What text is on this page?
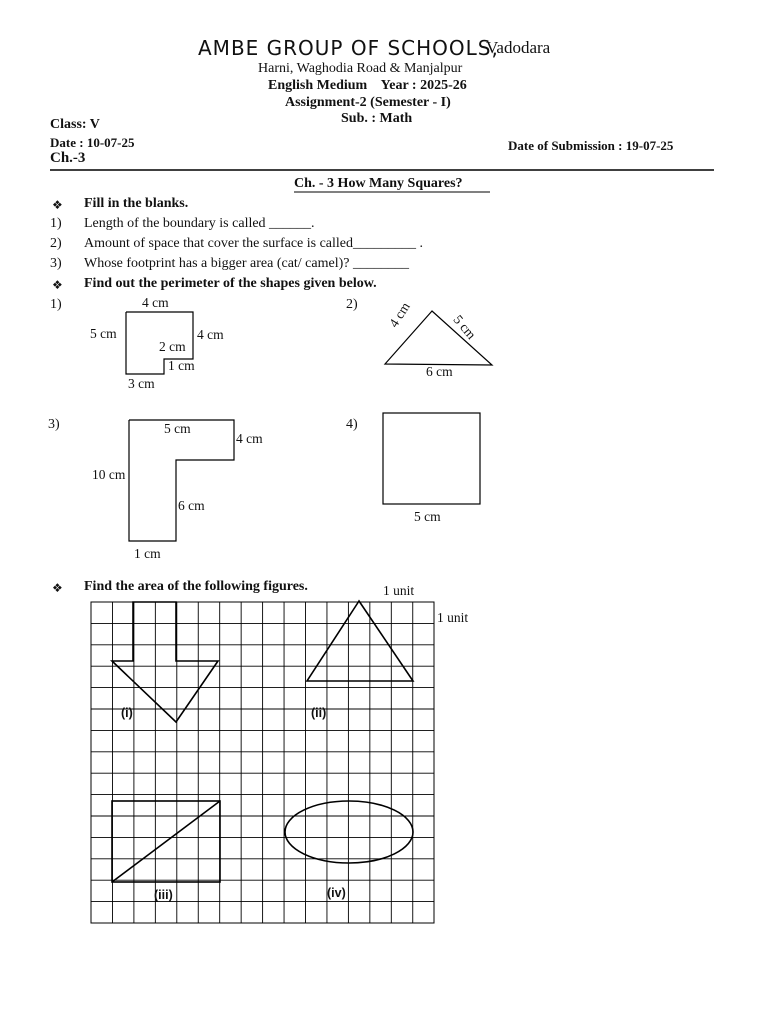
AMBE GROUP OF SCHOOLS,
Vadodara
Harni, Waghodia Road & Manjalpur
English Medium    Year : 2025-26
Assignment-2 (Semester - I)
Sub. : Math
Class: V
Date : 10-07-25	Date of Submission : 19-07-25
Ch.-3
Ch. - 3 How Many Squares?
❖ Fill in the blanks.
1) Length of the boundary is called ______.
2) Amount of space that cover the surface is called_________ .
3) Whose footprint has a bigger area (cat/ camel)? ________
❖ Find out the perimeter of the shapes given below.
1)	4 cm
5 cm	4 cm
2 cm
1 cm
3 cm
2) 4 cm	5 cm
6 cm
3)	5 cm
4 cm
10 cm
6 cm
1 cm
4)
5 cm
❖ Find the area of the following figures.	1 unit
1 unit
(i)	(ii)
(iii)	(iv)
